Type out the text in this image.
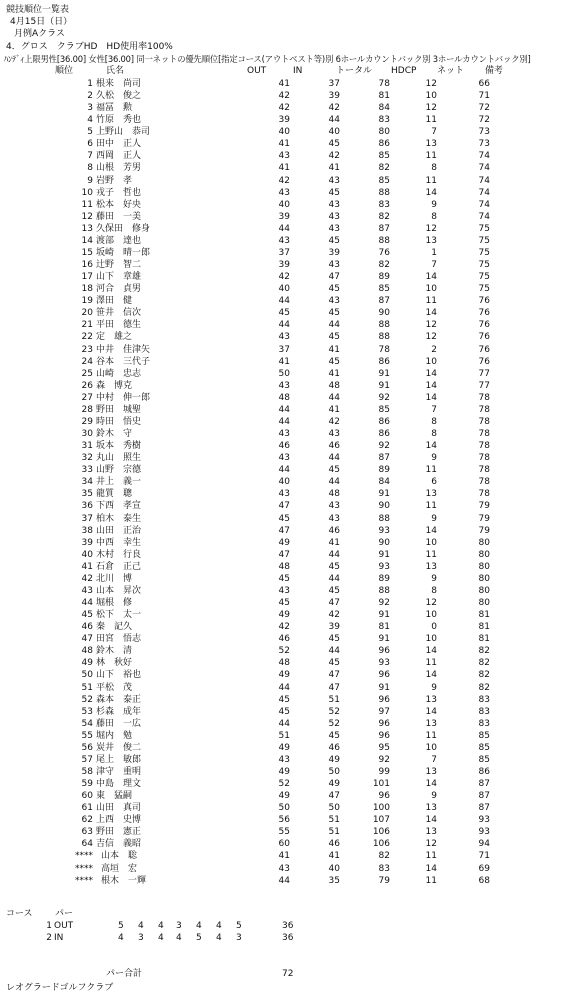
競技順位一覧表
4月15日（日）
月例Aクラス
4．グロス　クラブHD　HD使用率100%
ﾊﾝﾃﾞｨ上限男性[36.00] 女性[36.00] 同一ネットの優先順位[指定コース(アウトベスト等)別 6ホールカウントバック別 3ホールカウントバック別]
順位	氏名	OUT	IN	トータル HDCP ネット 備考
1 根来　尚司	41	37	78	12	66
2 久松　俊之	42	39	81	10	71
3 福冨　勲	42	42	84	12	72
4 竹原　秀也	39	44	83	11	72
5 上野山　恭司	40	40	80	7	73
6 田中　正人	41	45	86	13	73
7 西岡　正人	43	42	85	11	74
8 山根　芳男	41	41	82	8	74
9 岩野　孝	42	43	85	11	74
10 戎子　哲也	43	45	88	14	74
11 松本　好央	40	43	83	9	74
12 藤田　一美	39	43	82	8	74
13 久保田　修身	44	43	87	12	75
14 渡部　達也	43	45	88	13	75
15 坂崎　晴一郎	37	39	76	1	75
16 辻野　智二	39	43	82	7	75
17 山下　章雄	42	47	89	14	75
18 河合　貞男	40	45	85	10	75
19 澤田　健	44	43	87	11	76
20 笹井　信次	45	45	90	14	76
21 平田　德生	44	44	88	12	76
22 定　雄之	43	45	88	12	76
23 中井　佳津矢	37	41	78	2	76
24 谷本　三代子	41	45	86	10	76
25 山崎　忠志	50	41	91	14	77
26 森　博克	43	48	91	14	77
27 中村　伸一郎	48	44	92	14	78
28 野田　城聖	44	41	85	7	78
29 時田　悟史	44	42	86	8	78
30 鈴木　守	43	43	86	8	78
31 坂本　秀樹	46	46	92	14	78
32 丸山　照生	43	44	87	9	78
33 山野　宗德	44	45	89	11	78
34 井上　義一	40	44	84	6	78
35 龍質　聰	43	48	91	13	78
36 下西　孝宣	47	43	90	11	79
37 柏木　泰生	45	43	88	9	79
38 山田　正治	47	46	93	14	79
39 中西　幸生	49	41	90	10	80
40 木村　行良	47	44	91	11	80
41 石倉　正己	48	45	93	13	80
42 北川　博	45	44	89	9	80
43 山本　昇次	43	45	88	8	80
44 堀根　修	45	47	92	12	80
45 松下　太一	49	42	91	10	81
46 秦　記久	42	39	81	0	81
47 田宮　悟志	46	45	91	10	81
48 鈴木　清	52	44	96	14	82
49 林　秋好	48	45	93	11	82
50 山下　裕也	49	47	96	14	82
51 平松　茂	44	47	91	9	82
52 森本　泰正	45	51	96	13	83
53 杉森　成年	45	52	97	14	83
54 藤田　一広	44	52	96	13	83
55 堀内　勉	51	45	96	11	85
56 炭井　俊二	49	46	95	10	85
57 尾上　敏郎	43	49	92	7	85
58 津守　重明	49	50	99	13	86
59 中島　理文	52	49	101	14	87
60 東　猛嗣	49	47	96	9	87
61 山田　真司	50	50	100	13	87
62 上西　史博	56	51	107	14	93
63 野田　憲正	55	51	106	13	93
64 吉信　義昭	60	46	106	12	94
**** 山本　聡	41	41	82	11	71
**** 高垣　宏	43	40	83	14	69
**** 根木　一輝	44	35	79	11	68
コース パー
1 OUT	5 4 4 3 4 4 5	36
2 IN	4 3 4 4 5 4 3	36
パー合計	72
レオグラードゴルフクラブ
